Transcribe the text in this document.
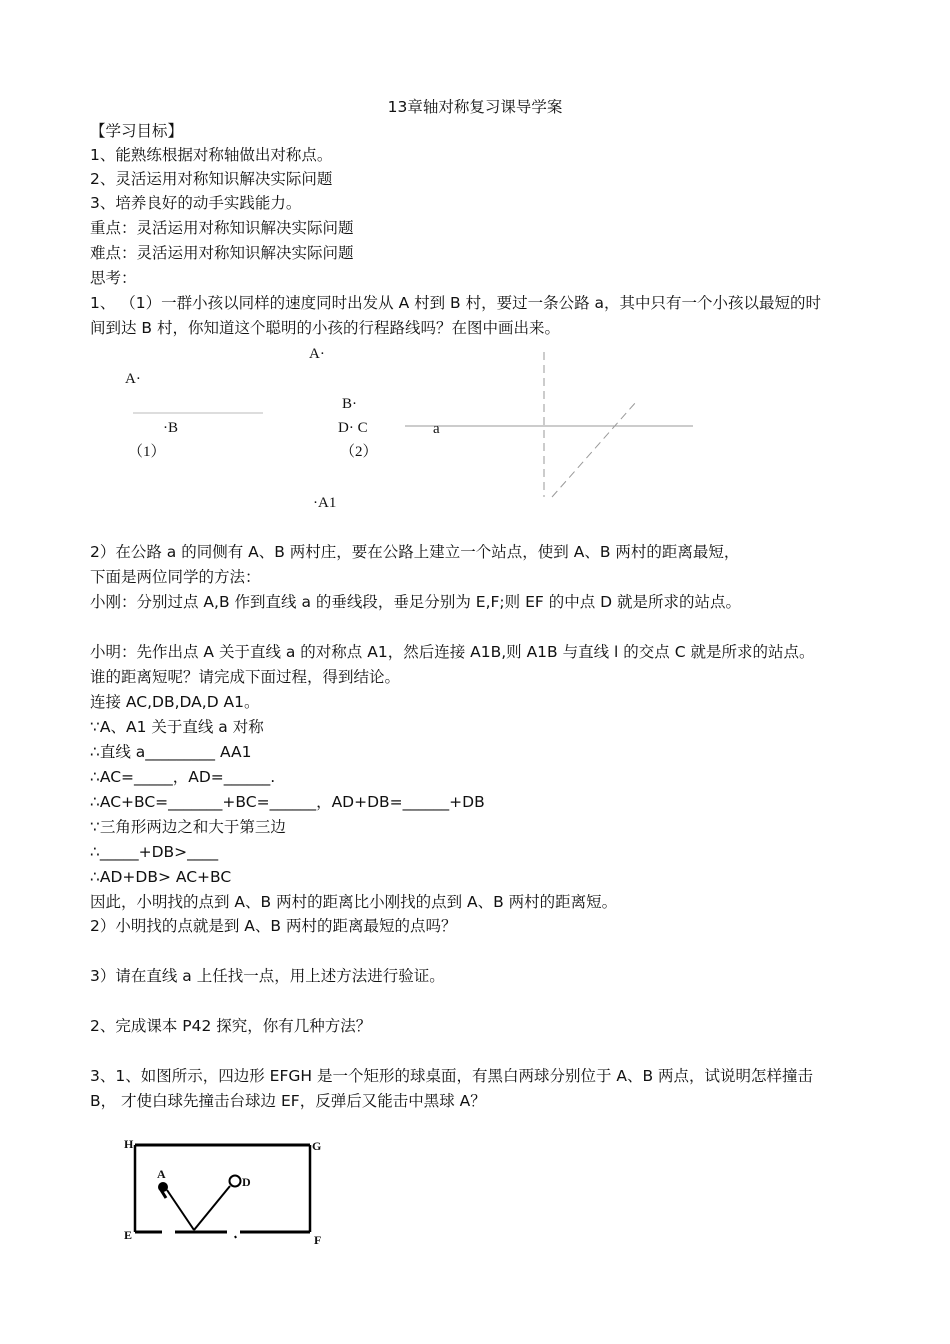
13章轴对称复习课导学案
【学习目标】
1、能熟练根据对称轴做出对称点。
2、灵活运用对称知识解决实际问题
3、培养良好的动手实践能力。
重点：灵活运用对称知识解决实际问题
难点：灵活运用对称知识解决实际问题
思考：
1、 （1）一群小孩以同样的速度同时出发从 A 村到 B 村，要过一条公路 a，其中只有一个小孩以最短的时
间到达 B 村，你知道这个聪明的小孩的行程路线吗？在图中画出来。
A·
A·
B·
·B	D· C	a
（1）	（2）
·A1
2）在公路 a 的同侧有 A、B 两村庄，要在公路上建立一个站点，使到 A、B 两村的距离最短，
下面是两位同学的方法：
小刚：分别过点 A,B 作到直线 a 的垂线段，垂足分别为 E,F;则 EF 的中点 D 就是所求的站点。
小明：先作出点 A 关于直线 a 的对称点 A1，然后连接 A1B,则 A1B 与直线 l 的交点 C 就是所求的站点。
谁的距离短呢？请完成下面过程，得到结论。
连接 AC,DB,DA,D A1。
∵A、A1 关于直线 a 对称
∴直线 a_________ AA1
∴AC=_____，AD=______.
∴AC+BC=_______+BC=______，AD+DB=______+DB
∵三角形两边之和大于第三边
∴_____+DB>____
∴AD+DB> AC+BC
因此，小明找的点到 A、B 两村的距离比小刚找的点到 A、B 两村的距离短。
2）小明找的点就是到 A、B 两村的距离最短的点吗？
3）请在直线 a 上任找一点，用上述方法进行验证。
2、完成课本 P42 探究，你有几种方法？
3、1、如图所示，四边形 EFGH 是一个矩形的球桌面，有黑白两球分别位于 A、B 两点，试说明怎样撞击
B， 才使白球先撞击台球边 EF，反弹后又能击中黑球 A？
H	G
E	F
A
D
